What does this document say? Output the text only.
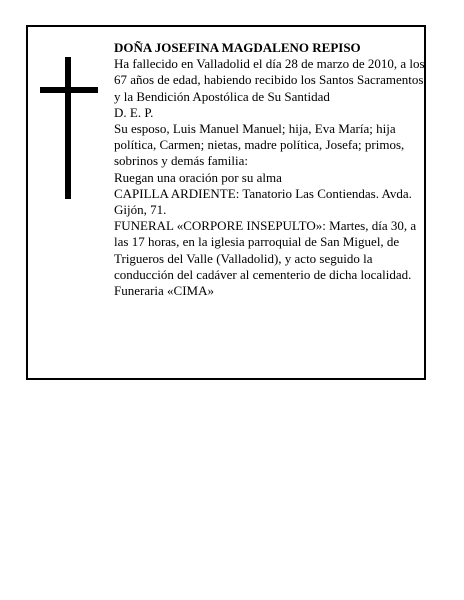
DOÑA JOSEFINA MAGDALENO REPISO

Ha fallecido en Valladolid el día 28 de marzo de 2010, a los 67 años de edad, habiendo recibido los Santos Sacramentos y la Bendición Apostólica de Su Santidad

D. E. P.

Su esposo, Luis Manuel Manuel; hija, Eva María; hija política, Carmen; nietas, madre política, Josefa; primos, sobrinos y demás familia:

Ruegan una oración por su alma

CAPILLA ARDIENTE: Tanatorio Las Contiendas. Avda. Gijón, 71.

FUNERAL «CORPORE INSEPULTO»: Martes, día 30, a las 17 horas, en la iglesia parroquial de San Miguel, de Trigueros del Valle (Valladolid), y acto seguido la conducción del cadáver al cementerio de dicha localidad.

Funeraria «CIMA»
